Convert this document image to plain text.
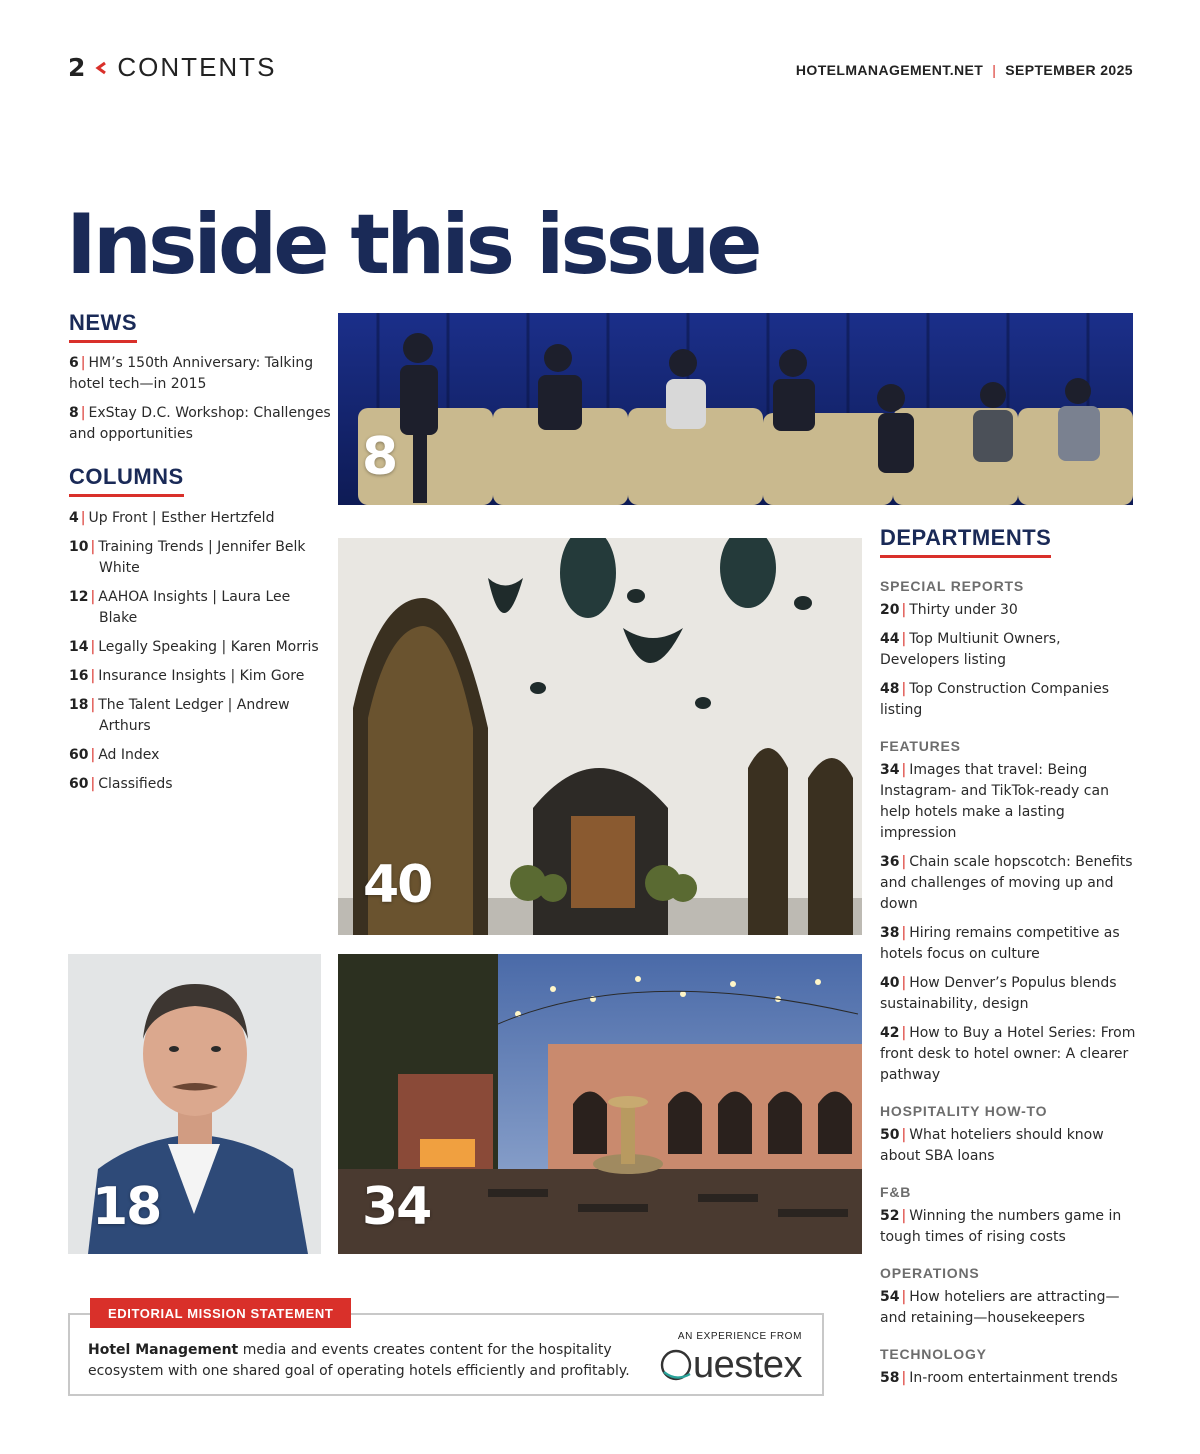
2 CONTENTS	HOTELMANAGEMENT.NET | SEPTEMBER 2025
Inside this issue
NEWS
6 | HM’s 150th Anniversary: Talking hotel tech—in 2015
8 | ExStay D.C. Workshop: Challenges and opportunities
COLUMNS
4 | Up Front | Esther Hertzfeld
10 | Training Trends | Jennifer Belk White
12 | AAHOA Insights | Laura Lee Blake
14 | Legally Speaking | Karen Morris
16 | Insurance Insights | Kim Gore
18 | The Talent Ledger | Andrew Arthurs
60 | Ad Index
60 | Classifieds
DEPARTMENTS
SPECIAL REPORTS
20 | Thirty under 30
44 | Top Multiunit Owners, Developers listing
48 | Top Construction Companies listing
FEATURES
34 | Images that travel: Being Instagram- and TikTok-ready can help hotels make a lasting impression
36 | Chain scale hopscotch: Benefits and challenges of moving up and down
38 | Hiring remains competitive as hotels focus on culture
40 | How Denver’s Populus blends sustainability, design
42 | How to Buy a Hotel Series: From front desk to hotel owner: A clearer pathway
HOSPITALITY HOW-TO
50 | What hoteliers should know about SBA loans
F&B
52 | Winning the numbers game in tough times of rising costs
OPERATIONS
54 | How hoteliers are attracting—and retaining—housekeepers
TECHNOLOGY
58 | In-room entertainment trends
8
40
18	34
EDITORIAL MISSION STATEMENT
Hotel Management media and events creates content for the hospitality ecosystem with one shared goal of operating hotels efficiently and profitably.
AN EXPERIENCE FROM
uestex
